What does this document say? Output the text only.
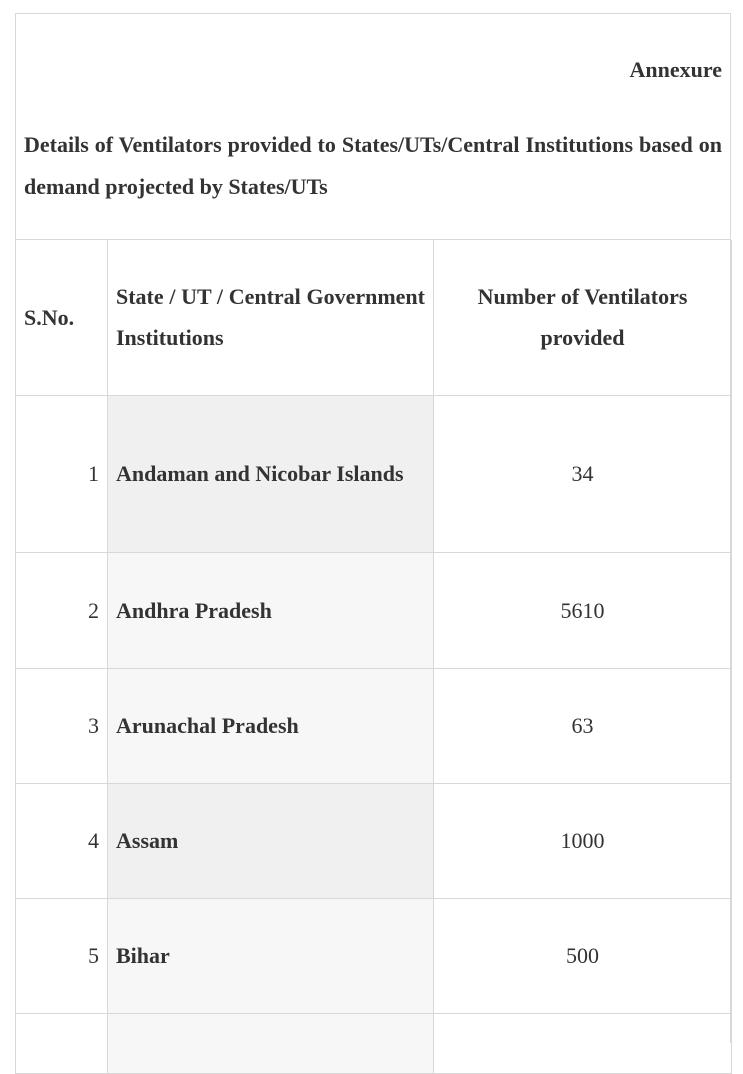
Annexure

Details of Ventilators provided to States/UTs/Central Institutions based on demand projected by States/UTs

S.No.	State / UT / Central Government Institutions	Number of Ventilators provided
1	Andaman and Nicobar Islands	34
2	Andhra Pradesh	5610
3	Arunachal Pradesh	63
4	Assam	1000
5	Bihar	500
